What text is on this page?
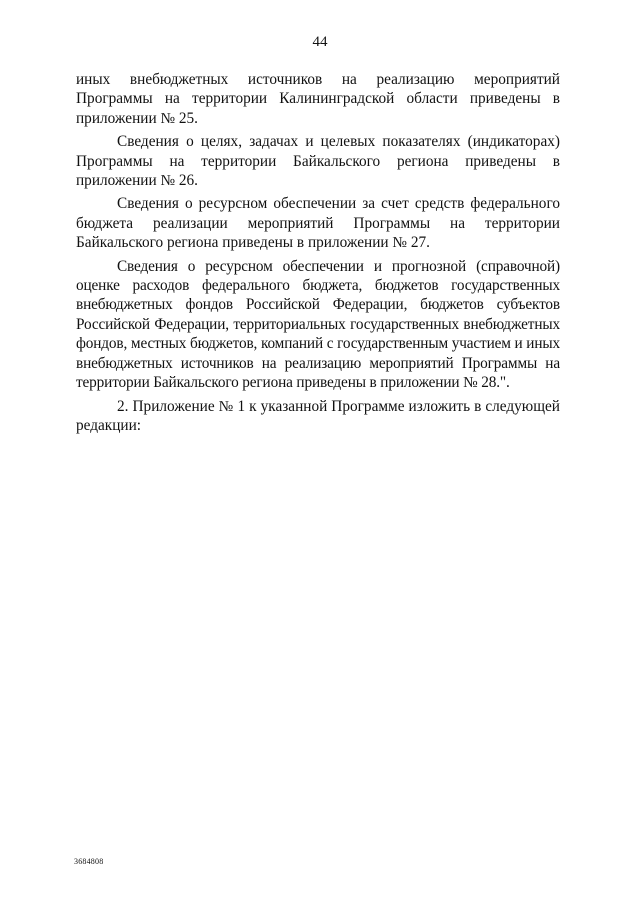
44

иных внебюджетных источников на реализацию мероприятий Программы на территории Калининградской области приведены в приложении № 25.

Сведения о целях, задачах и целевых показателях (индикаторах) Программы на территории Байкальского региона приведены в приложении № 26.

Сведения о ресурсном обеспечении за счет средств федерального бюджета реализации мероприятий Программы на территории Байкальского региона приведены в приложении № 27.

Сведения о ресурсном обеспечении и прогнозной (справочной) оценке расходов федерального бюджета, бюджетов государственных внебюджетных фондов Российской Федерации, бюджетов субъектов Российской Федерации, территориальных государственных внебюджетных фондов, местных бюджетов, компаний с государственным участием и иных внебюджетных источников на реализацию мероприятий Программы на территории Байкальского региона приведены в приложении № 28.".

2. Приложение № 1 к указанной Программе изложить в следующей редакции:

3684808
